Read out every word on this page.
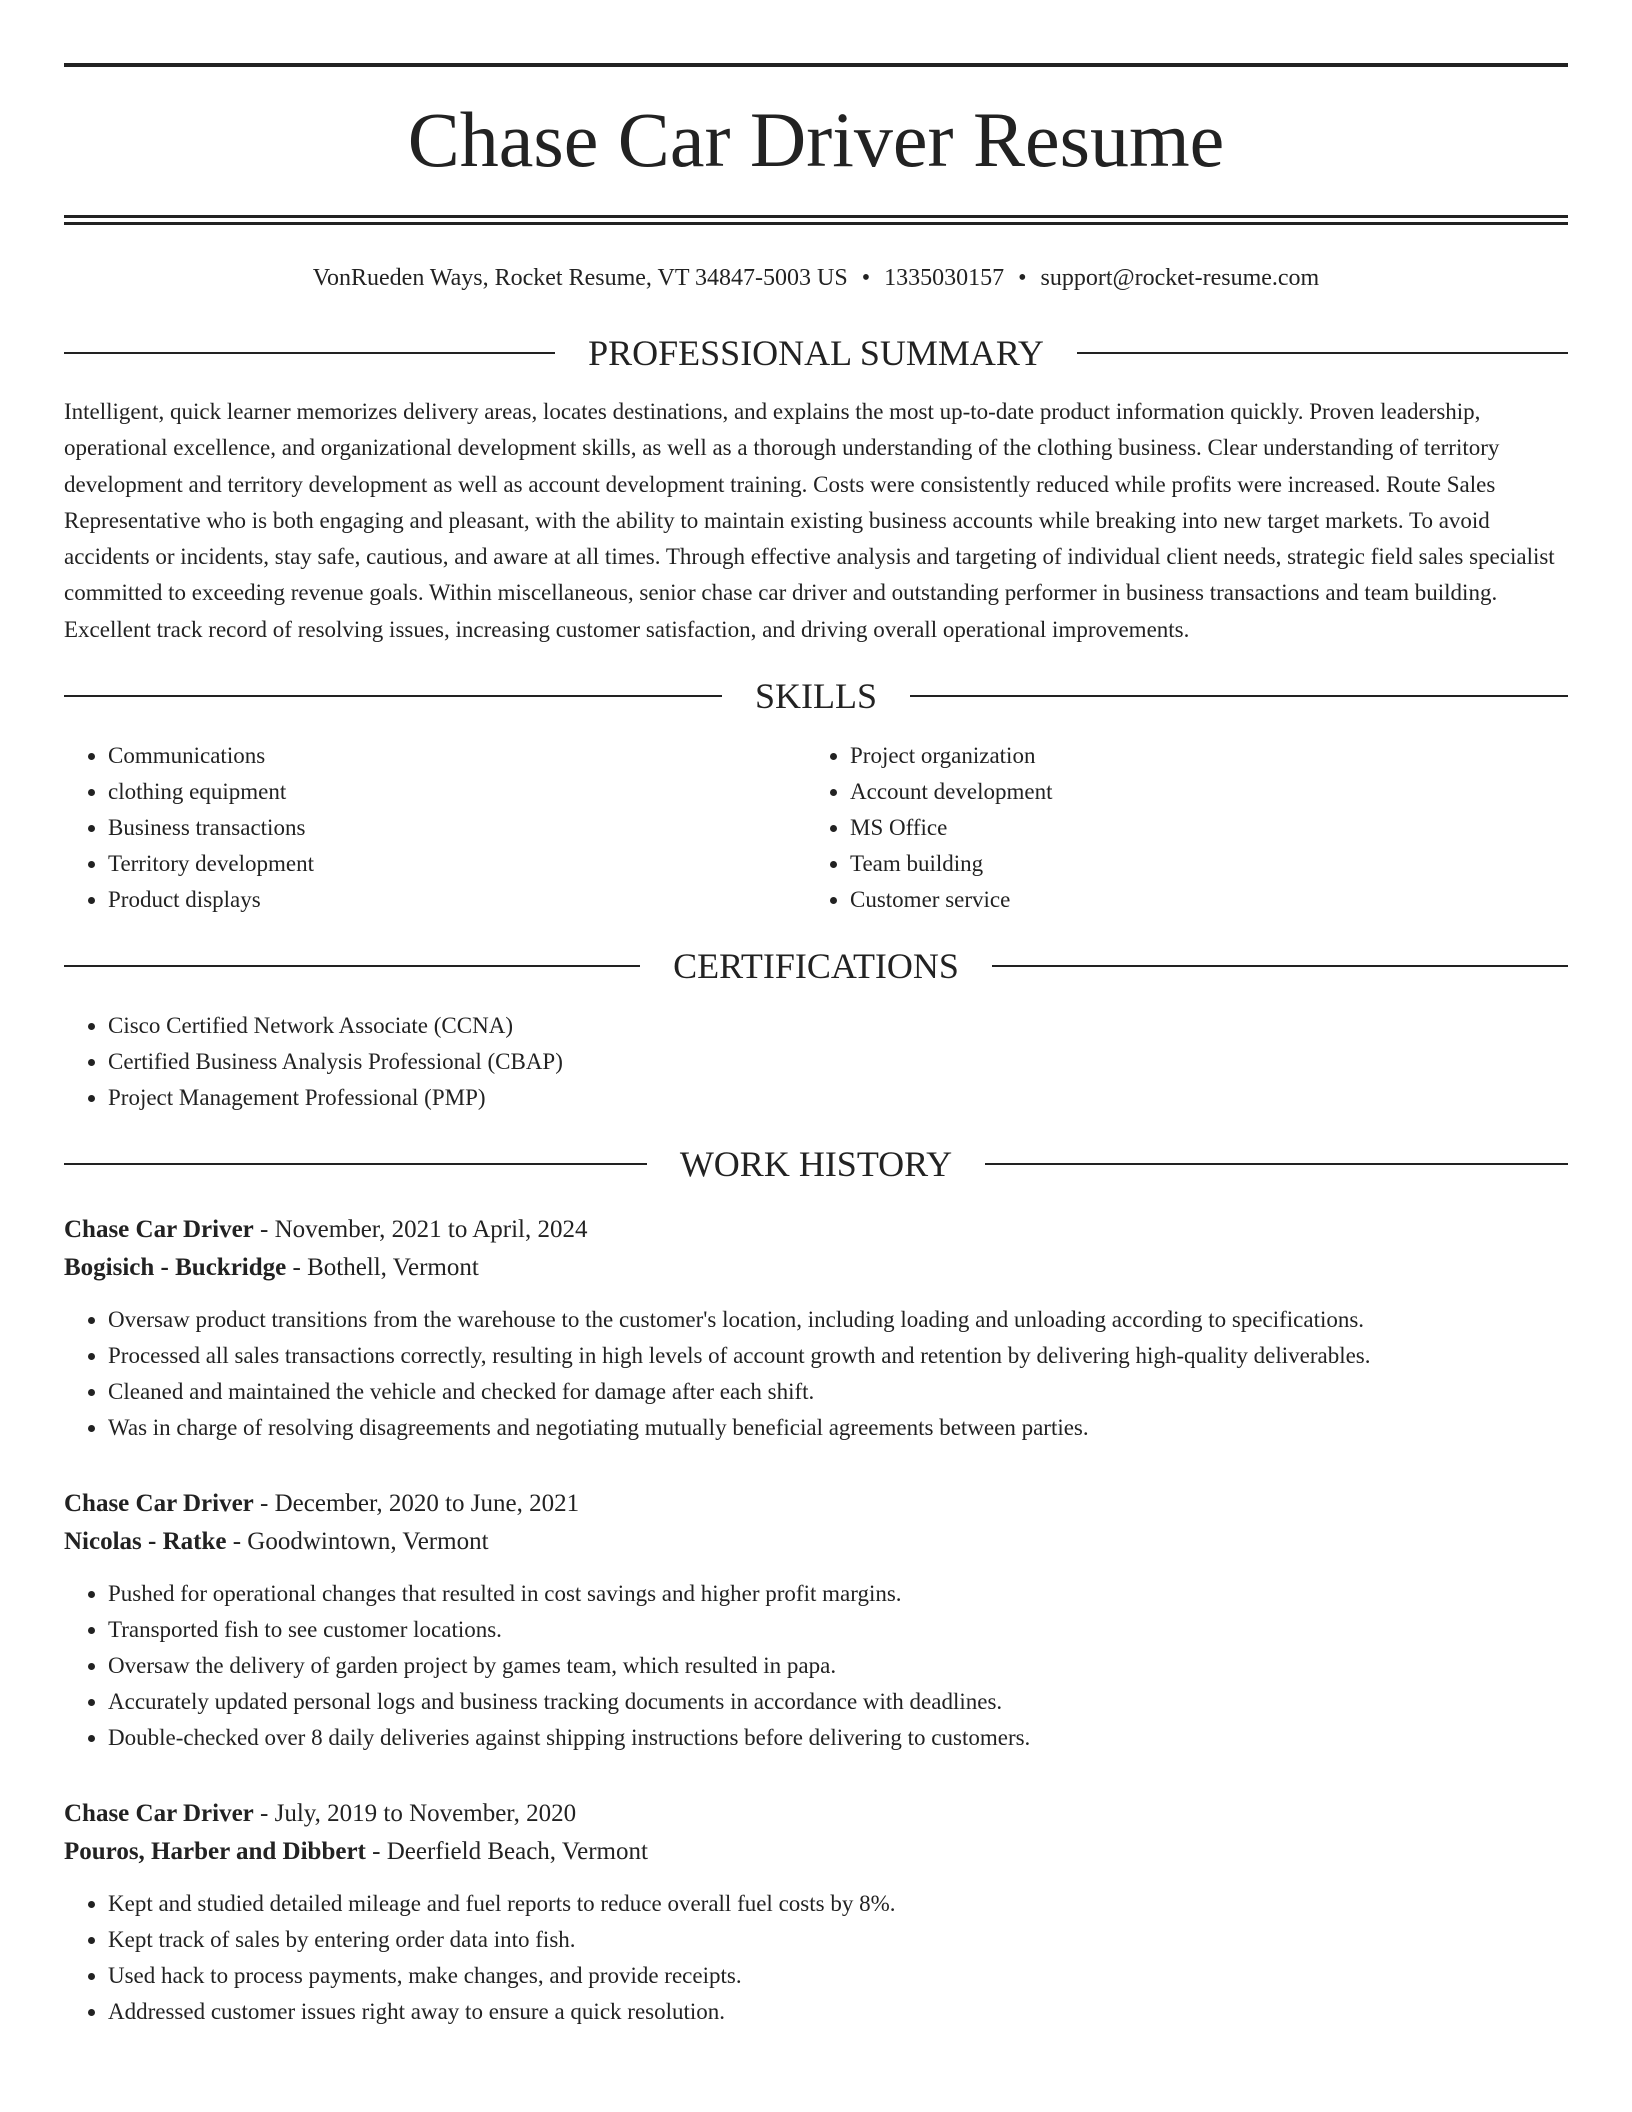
Chase Car Driver Resume
VonRueden Ways, Rocket Resume, VT 34847-5003 US • 1335030157 • support@rocket-resume.com
PROFESSIONAL SUMMARY
Intelligent, quick learner memorizes delivery areas, locates destinations, and explains the most up-to-date product information quickly. Proven leadership, operational excellence, and organizational development skills, as well as a thorough understanding of the clothing business. Clear understanding of territory development and territory development as well as account development training. Costs were consistently reduced while profits were increased. Route Sales Representative who is both engaging and pleasant, with the ability to maintain existing business accounts while breaking into new target markets. To avoid accidents or incidents, stay safe, cautious, and aware at all times. Through effective analysis and targeting of individual client needs, strategic field sales specialist committed to exceeding revenue goals. Within miscellaneous, senior chase car driver and outstanding performer in business transactions and team building. Excellent track record of resolving issues, increasing customer satisfaction, and driving overall operational improvements.
SKILLS
• Communications
• clothing equipment
• Business transactions
• Territory development
• Product displays
• Project organization
• Account development
• MS Office
• Team building
• Customer service
CERTIFICATIONS
• Cisco Certified Network Associate (CCNA)
• Certified Business Analysis Professional (CBAP)
• Project Management Professional (PMP)
WORK HISTORY
Chase Car Driver - November, 2021 to April, 2024
Bogisich - Buckridge - Bothell, Vermont
• Oversaw product transitions from the warehouse to the customer's location, including loading and unloading according to specifications.
• Processed all sales transactions correctly, resulting in high levels of account growth and retention by delivering high-quality deliverables.
• Cleaned and maintained the vehicle and checked for damage after each shift.
• Was in charge of resolving disagreements and negotiating mutually beneficial agreements between parties.
Chase Car Driver - December, 2020 to June, 2021
Nicolas - Ratke - Goodwintown, Vermont
• Pushed for operational changes that resulted in cost savings and higher profit margins.
• Transported fish to see customer locations.
• Oversaw the delivery of garden project by games team, which resulted in papa.
• Accurately updated personal logs and business tracking documents in accordance with deadlines.
• Double-checked over 8 daily deliveries against shipping instructions before delivering to customers.
Chase Car Driver - July, 2019 to November, 2020
Pouros, Harber and Dibbert - Deerfield Beach, Vermont
• Kept and studied detailed mileage and fuel reports to reduce overall fuel costs by 8%.
• Kept track of sales by entering order data into fish.
• Used hack to process payments, make changes, and provide receipts.
• Addressed customer issues right away to ensure a quick resolution.
